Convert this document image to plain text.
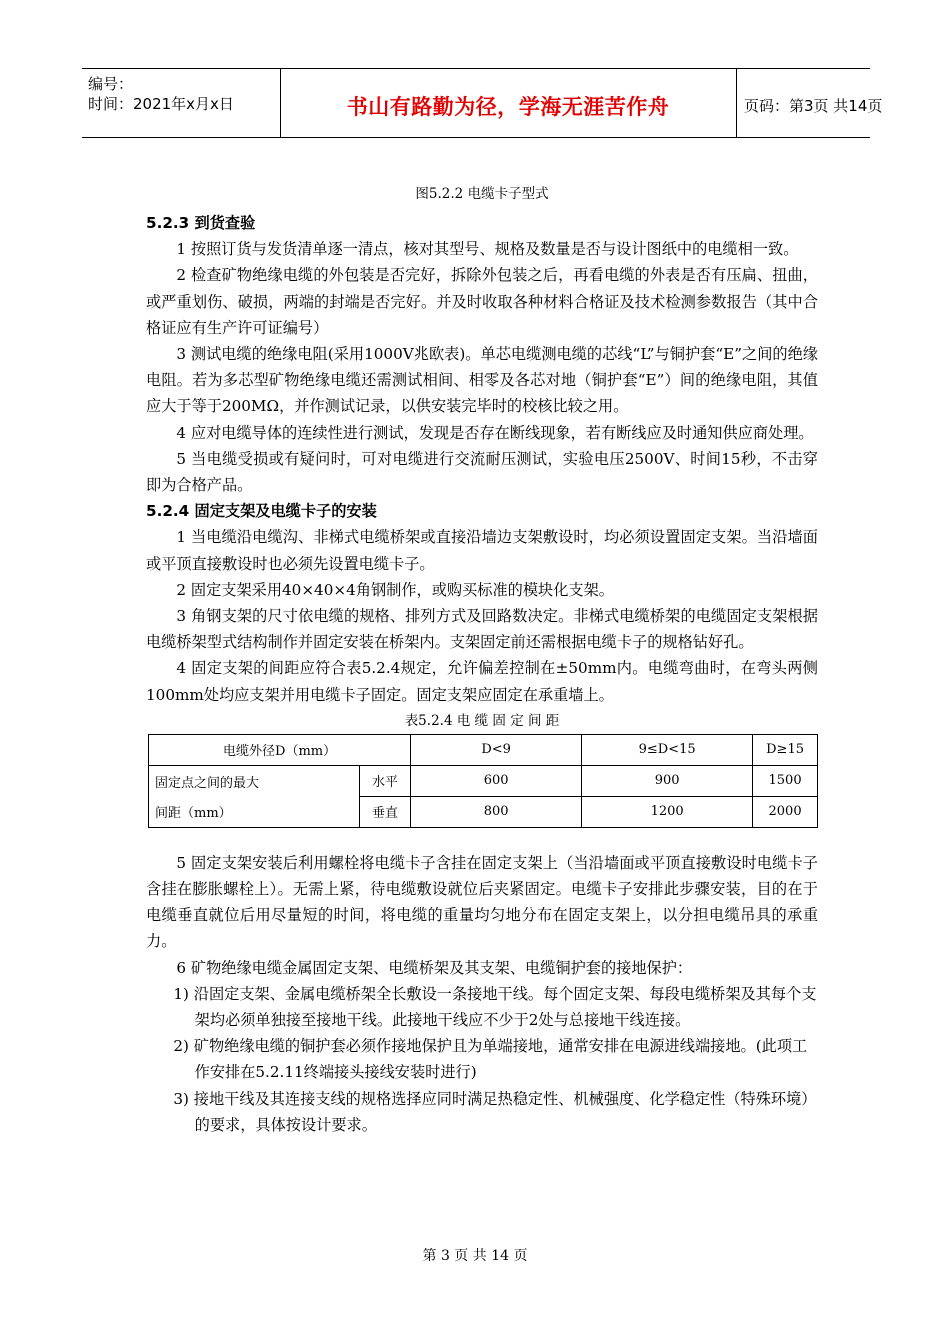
编号：
时间：2021年x月x日	书山有路勤为径，学海无涯苦作舟	页码：第3页 共14页

图5.2.2 电缆卡子型式

5.2.3 到货查验

1 按照订货与发货清单逐一清点，核对其型号、规格及数量是否与设计图纸中的电缆相一致。

2 检查矿物绝缘电缆的外包装是否完好，拆除外包装之后，再看电缆的外表是否有压扁、扭曲，或严重划伤、破损，两端的封端是否完好。并及时收取各种材料合格证及技术检测参数报告（其中合格证应有生产许可证编号）

3 测试电缆的绝缘电阻(采用1000V兆欧表)。单芯电缆测电缆的芯线“L”与铜护套“E”之间的绝缘电阻。若为多芯型矿物绝缘电缆还需测试相间、相零及各芯对地（铜护套“E”）间的绝缘电阻，其值应大于等于200MΩ，并作测试记录，以供安装完毕时的校核比较之用。

4 应对电缆导体的连续性进行测试，发现是否存在断线现象，若有断线应及时通知供应商处理。

5 当电缆受损或有疑问时，可对电缆进行交流耐压测试，实验电压2500V、时间15秒，不击穿即为合格产品。

5.2.4 固定支架及电缆卡子的安装

1 当电缆沿电缆沟、非梯式电缆桥架或直接沿墙边支架敷设时，均必须设置固定支架。当沿墙面或平顶直接敷设时也必须先设置电缆卡子。

2 固定支架采用40×40×4角钢制作，或购买标准的模块化支架。

3 角钢支架的尺寸依电缆的规格、排列方式及回路数决定。非梯式电缆桥架的电缆固定支架根据电缆桥架型式结构制作并固定安装在桥架内。支架固定前还需根据电缆卡子的规格钻好孔。

4 固定支架的间距应符合表5.2.4规定，允许偏差控制在±50mm内。电缆弯曲时，在弯头两侧100mm处均应支架并用电缆卡子固定。固定支架应固定在承重墙上。

表5.2.4 电 缆 固 定 间 距

电缆外径D（mm）		D<9	9≤D<15	D≥15
固定点之间的最大	水平	600	900	1500
间距（mm）	垂直	800	1200	2000

5 固定支架安装后利用螺栓将电缆卡子含挂在固定支架上（当沿墙面或平顶直接敷设时电缆卡子含挂在膨胀螺栓上）。无需上紧，待电缆敷设就位后夹紧固定。电缆卡子安排此步骤安装，目的在于电缆垂直就位后用尽量短的时间，将电缆的重量均匀地分布在固定支架上，以分担电缆吊具的承重力。

6 矿物绝缘电缆金属固定支架、电缆桥架及其支架、电缆铜护套的接地保护：

1) 沿固定支架、金属电缆桥架全长敷设一条接地干线。每个固定支架、每段电缆桥架及其每个支架均必须单独接至接地干线。此接地干线应不少于2处与总接地干线连接。

2) 矿物绝缘电缆的铜护套必须作接地保护且为单端接地，通常安排在电源进线端接地。(此项工作安排在5.2.11终端接头接线安装时进行)

3) 接地干线及其连接支线的规格选择应同时满足热稳定性、机械强度、化学稳定性（特殊环境）的要求，具体按设计要求。

第 3 页 共 14 页
